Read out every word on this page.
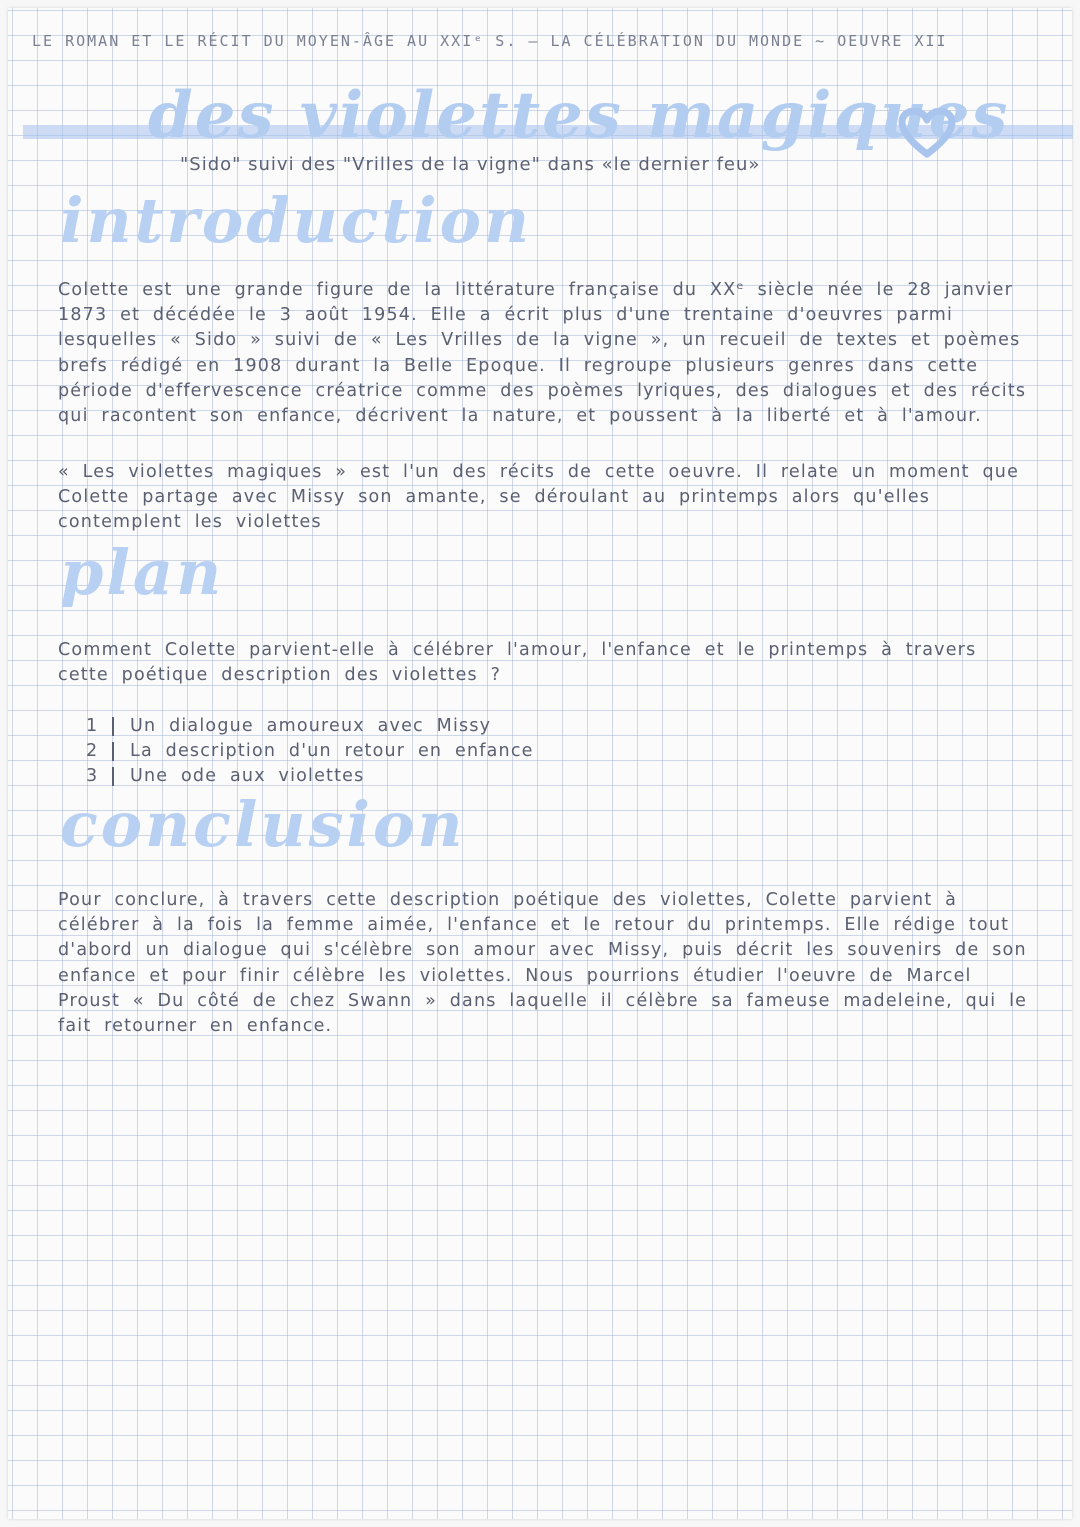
LE ROMAN ET LE RÉCIT DU MOYEN-ÂGE AU XXIᵉ S. – LA CÉLÉBRATION DU MONDE ~ OEUVRE XII
des violettes magiques
"Sido" suivi des "Vrilles de la vigne" dans «le dernier feu»
introduction
Colette est une grande figure de la littérature française du XXᵉ siècle née le 28 janvier 1873 et décédée le 3 août 1954. Elle a écrit plus d'une trentaine d'oeuvres parmi lesquelles « Sido » suivi de « Les Vrilles de la vigne », un recueil de textes et poèmes brefs rédigé en 1908 durant la Belle Epoque. Il regroupe plusieurs genres dans cette période d'effervescence créatrice comme des poèmes lyriques, des dialogues et des récits qui racontent son enfance, décrivent la nature, et poussent à la liberté et à l'amour.
« Les violettes magiques » est l'un des récits de cette oeuvre. Il relate un moment que Colette partage avec Missy son amante, se déroulant au printemps alors qu'elles contemplent les violettes
plan
Comment Colette parvient-elle à célébrer l'amour, l'enfance et le printemps à travers cette poétique description des violettes ?
1	Un dialogue amoureux avec Missy
2	La description d'un retour en enfance
3	Une ode aux violettes
conclusion
Pour conclure, à travers cette description poétique des violettes, Colette parvient à célébrer à la fois la femme aimée, l'enfance et le retour du printemps. Elle rédige tout d'abord un dialogue qui s'célèbre son amour avec Missy, puis décrit les souvenirs de son enfance et pour finir célèbre les violettes. Nous pourrions étudier l'oeuvre de Marcel Proust « Du côté de chez Swann » dans laquelle il célèbre sa fameuse madeleine, qui le fait retourner en enfance.
